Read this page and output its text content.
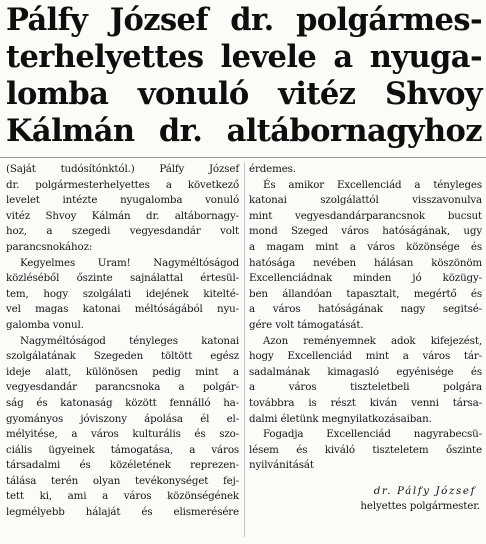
Pálfy József dr. polgármes-
terhelyettes levele a nyuga-
lomba vonuló vitéz Shvoy
Kálmán dr. altábornagyhoz
(Saját tudósítónktól.) Pálfy József
dr. polgármesterhelyettes a következő
levelet intézte nyugalomba vonuló
vitéz Shvoy Kálmán dr. altábornagy-
hoz, a szegedi vegyesdandár volt
parancsnokához:
Kegyelmes Uram! Nagyméltóságod
közléséből őszinte sajnálattal értesül-
tem, hogy szolgálati idejének kitelté-
vel magas katonai méltóságából nyu-
galomba vonul.
Nagyméltóságod tényleges katonai
szolgálatának Szegeden töltött egész
ideje alatt, különösen pedig mint a
vegyesdandár parancsnoka a polgár-
ság és katonaság között fennálló ha-
gyományos jóviszony ápolása él el-
mélyitése, a város kulturális és szo-
ciális ügyeinek támogatása, a város
társadalmi és közéletének reprezen-
tálása terén olyan tevékonységet fej-
tett ki, ami a város közönségének
legmélyebb hálaját és elismerésére
érdemes.
És amikor Excellenciád a tényleges
katonai szolgálattól visszavonulva
mint vegyesdandárparancsnok bucsut
mond Szeged város hatóságának, ugy
a magam mint a város közönsége és
hatósága nevében hálásan köszönöm
Excellenciádnak minden jó közügy-
ben állandóan tapasztalt, megértő és
a város hatóságának nagy segitsé-
gére volt támogatását.
Azon reményemnek adok kifejezést,
hogy Excellenciád mint a város tár-
sadalmának kimagasló egyénisége és
a város tiszteletbeli polgára
továbbra is részt kiván venni társa-
dalmi életünk megnyilatkozásaiban.
Fogadja Excellenciád nagyrabecsü-
lésem és kiváló tiszteletem őszinte
nyilvánitását
dr. Pálfy József
helyettes polgármester.
